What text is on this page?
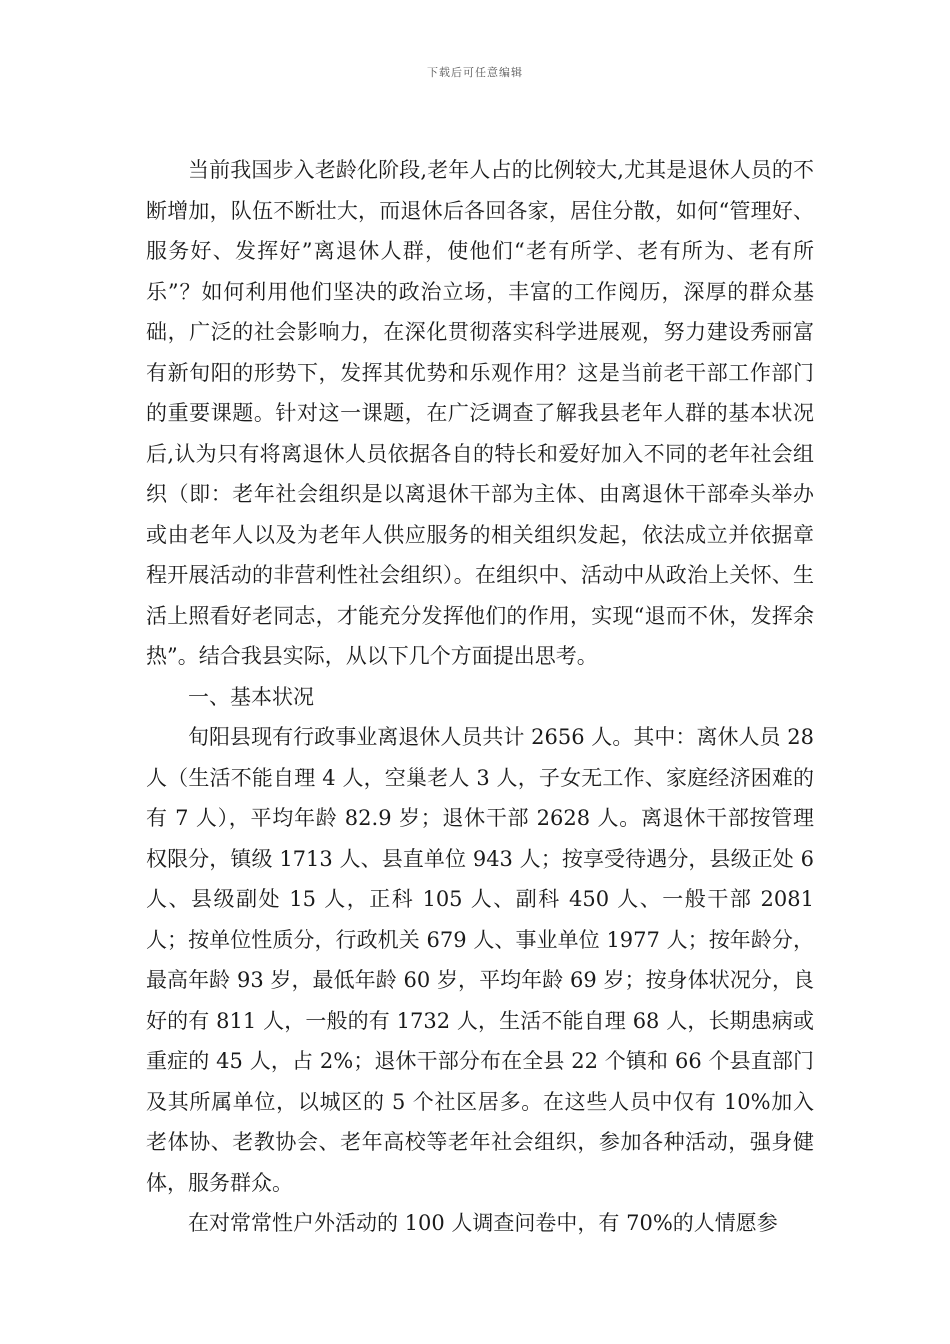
下载后可任意编辑

当前我国步入老龄化阶段,老年人占的比例较大,尤其是退休人员的不断增加，队伍不断壮大，而退休后各回各家，居住分散，如何“管理好、服务好、发挥好”离退休人群，使他们“老有所学、老有所为、老有所乐”？如何利用他们坚决的政治立场，丰富的工作阅历，深厚的群众基础，广泛的社会影响力，在深化贯彻落实科学进展观，努力建设秀丽富有新旬阳的形势下，发挥其优势和乐观作用？这是当前老干部工作部门的重要课题。针对这一课题，在广泛调查了解我县老年人群的基本状况后,认为只有将离退休人员依据各自的特长和爱好加入不同的老年社会组织（即：老年社会组织是以离退休干部为主体、由离退休干部牵头举办或由老年人以及为老年人供应服务的相关组织发起，依法成立并依据章程开展活动的非营利性社会组织）。在组织中、活动中从政治上关怀、生活上照看好老同志，才能充分发挥他们的作用，实现“退而不休，发挥余热”。结合我县实际，从以下几个方面提出思考。

一、基本状况

旬阳县现有行政事业离退休人员共计 2656 人。其中：离休人员 28 人（生活不能自理 4 人，空巢老人 3 人，子女无工作、家庭经济困难的有 7 人），平均年龄 82.9 岁；退休干部 2628 人。离退休干部按管理权限分，镇级 1713 人、县直单位 943 人；按享受待遇分，县级正处 6 人、县级副处 15 人，正科 105 人、副科 450 人、一般干部 2081 人；按单位性质分，行政机关 679 人、事业单位 1977 人；按年龄分，最高年龄 93 岁，最低年龄 60 岁，平均年龄 69 岁；按身体状况分，良好的有 811 人，一般的有 1732 人，生活不能自理 68 人，长期患病或重症的 45 人，占 2%；退休干部分布在全县 22 个镇和 66 个县直部门及其所属单位，以城区的 5 个社区居多。在这些人员中仅有 10%加入老体协、老教协会、老年高校等老年社会组织，参加各种活动，强身健体，服务群众。

在对常常性户外活动的 100 人调查问卷中，有 70%的人情愿参
